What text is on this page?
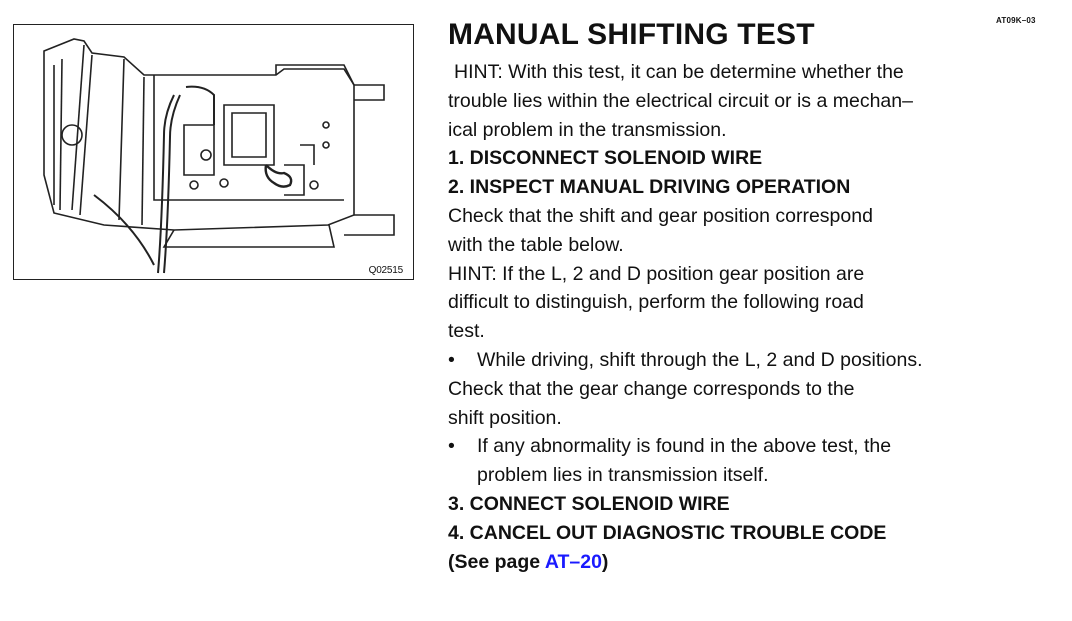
AT09K–03
Q02515
MANUAL SHIFTING TEST

HINT: With this test, it can be determine whether the

trouble lies within the electrical circuit or is a mechan–

ical problem in the transmission.

1. DISCONNECT SOLENOID WIRE

2. INSPECT MANUAL DRIVING OPERATION

Check that the shift and gear position correspond

with the table below.

HINT: If the L, 2 and D position gear position are

difficult to distinguish, perform the following road

test.

• While driving, shift through the L, 2 and D positions.

Check that the gear change corresponds to the

shift position.

• If any abnormality is found in the above test, the
problem lies in transmission itself.

3. CONNECT SOLENOID WIRE

4. CANCEL OUT DIAGNOSTIC TROUBLE CODE

(See page AT–20)
